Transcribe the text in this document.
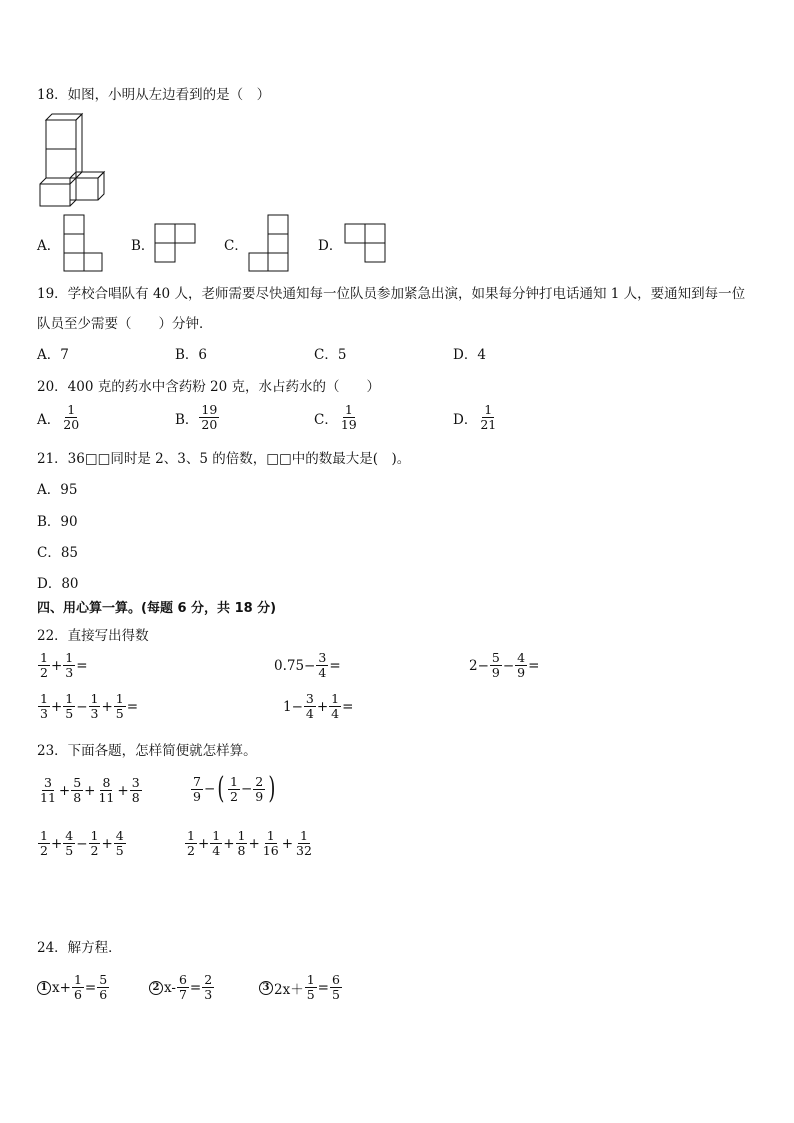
18．如图，小明从左边看到的是（　）
A．	B．	C．	D．
19．学校合唱队有 40 人，老师需要尽快通知每一位队员参加紧急出演，如果每分钟打电话通知 1 人，要通知到每一位
队员至少需要（　　）分钟．
A．7	B．6	C．5	D．4
20．400 克的药水中含药粉 20 克，水占药水的（　　）
A． $\frac{1}{20}$	B． $\frac{19}{20}$	C． $\frac{1}{19}$	D． $\frac{1}{21}$
21．36□□同时是 2、3、5 的倍数，□□中的数最大是(　)。
A．95
B．90
C．85
D．80
四、用心算一算。(每题 6 分，共 18 分)
22．直接写出得数
$\frac{1}{2} + \frac{1}{3}$ =	$0.75- \frac{3}{4}$ =	$2- \frac{5}{9} - \frac{4}{9}$ =
$\frac{1}{3} + \frac{1}{5} - \frac{1}{3} + \frac{1}{5}$ =	$1- \frac{3}{4} + \frac{1}{4}$ =
23．下面各题，怎样简便就怎样算。
$\frac{3}{11} + \frac{5}{8} + \frac{8}{11} + \frac{3}{8}$	$\frac{7}{9}$ − ( $\frac{1}{2} - \frac{2}{9}$ )
$\frac{1}{2} + \frac{4}{5} - \frac{1}{2} + \frac{4}{5}$	$\frac{1}{2} + \frac{1}{4} + \frac{1}{8} + \frac{1}{16} + \frac{1}{32}$
24．解方程．
1 $x+ \frac{1}{6} = \frac{5}{6}$	2 $x- \frac{6}{7} = \frac{2}{3}$	3 $2x+ \frac{1}{5} = \frac{6}{5}$
